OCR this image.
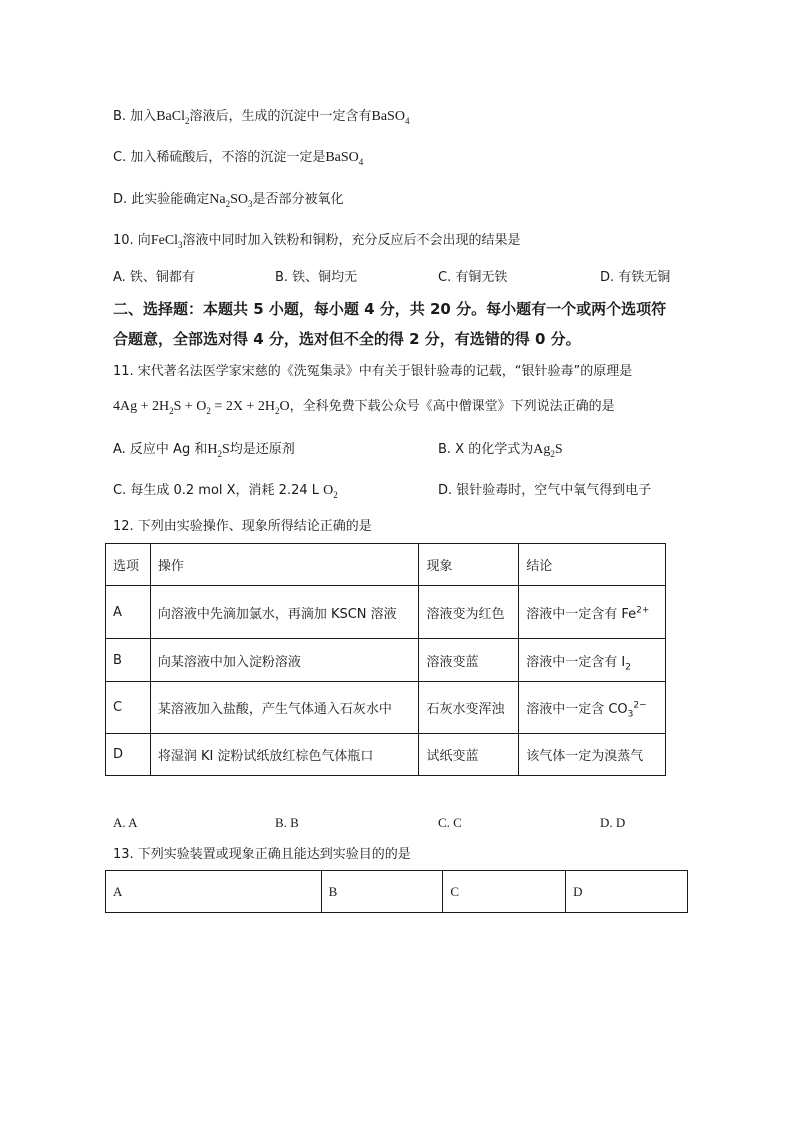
B. 加入BaCl$_2$溶液后，生成的沉淀中一定含有BaSO$_4$
C. 加入稀硫酸后，不溶的沉淀一定是BaSO$_4$
D. 此实验能确定$Na_2SO_3$是否部分被氧化
10. 向FeCl$_3$溶液中同时加入铁粉和铜粉，充分反应后不会出现的结果是
A. 铁、铜都有	B. 铁、铜均无	C. 有铜无铁	D. 有铁无铜
二、选择题：本题共 5 小题，每小题 4 分，共 20 分。每小题有一个或两个选项符
合题意，全部选对得 4 分，选对但不全的得 2 分，有选错的得 0 分。
11. 宋代著名法医学家宋慈的《洗冤集录》中有关于银针验毒的记载，“银针验毒”的原理是
$4Ag + 2H_2S + O_2 = 2X + 2H_2O$，全科免费下载公众号《高中僧课堂》下列说法正确的是
A. 反应中 Ag 和$H_2S$均是还原剂	B. X 的化学式为$Ag_2S$
C. 每生成 0.2 mol X，消耗 2.24 L $O_2$	D. 银针验毒时，空气中氧气得到电子
12. 下列由实验操作、现象所得结论正确的是
选项	操作	现象	结论
A	向溶液中先滴加氯水，再滴加 KSCN 溶液	溶液变为红色	溶液中一定含有 $Fe^{2+}$
B	向某溶液中加入淀粉溶液	溶液变蓝	溶液中一定含有 $I_2$
C	某溶液加入盐酸，产生气体通入石灰水中	石灰水变浑浊	溶液中一定含 $CO_3^{2-}$
D	将湿润 KI 淀粉试纸放红棕色气体瓶口	试纸变蓝	该气体一定为溴蒸气
A. A	B. B	C. C	D. D
13. 下列实验装置或现象正确且能达到实验目的的是
A	B	C	D
